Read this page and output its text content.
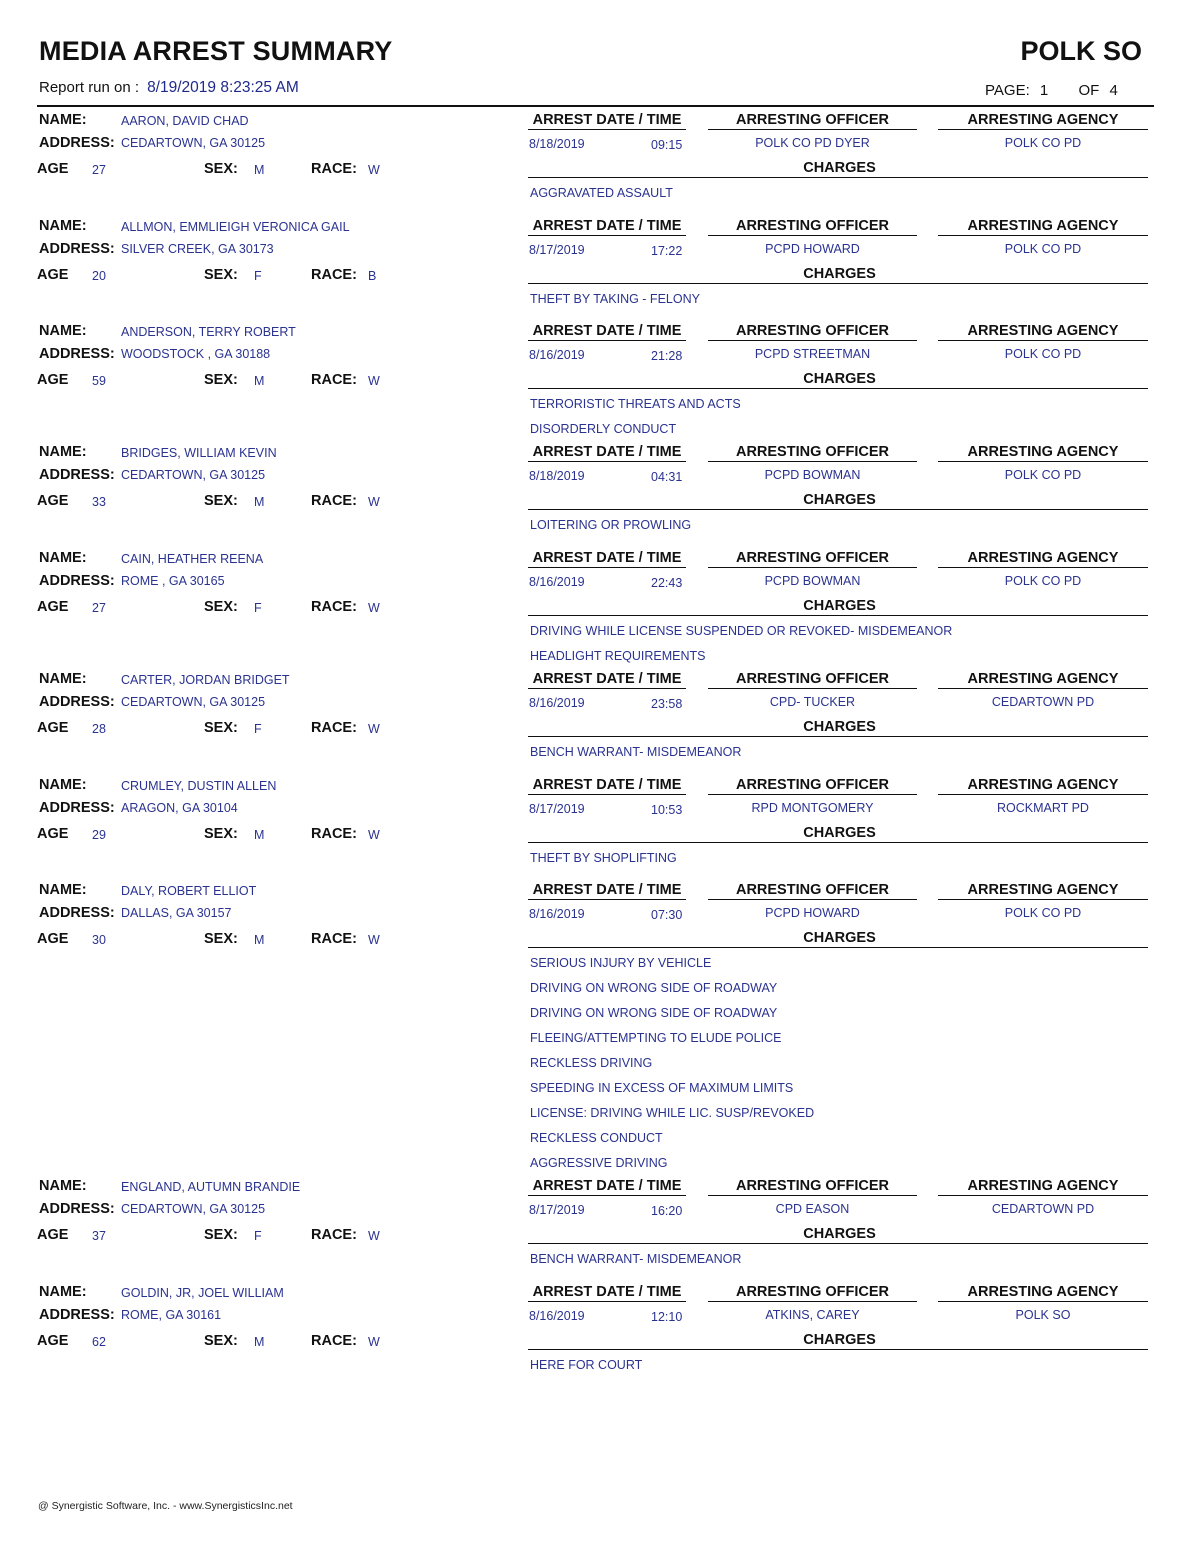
MEDIA ARREST SUMMARY	POLK SO
Report run on : 8/19/2019 8:23:25 AM	PAGE: 1 OF 4
NAME:	AARON, DAVID CHAD
ADDRESS: CEDARTOWN, GA 30125
AGE 27	SEX: M	RACE: W
ARREST DATE / TIME	ARRESTING OFFICER	ARRESTING AGENCY
8/18/2019	09:15	POLK CO PD DYER	POLK CO PD
CHARGES
AGGRAVATED ASSAULT
NAME:	ALLMON, EMMLIEIGH VERONICA GAIL
ADDRESS: SILVER CREEK, GA 30173
AGE 20	SEX: F	RACE: B
ARREST DATE / TIME	ARRESTING OFFICER	ARRESTING AGENCY
8/17/2019	17:22	PCPD HOWARD	POLK CO PD
CHARGES
THEFT BY TAKING - FELONY
NAME:	ANDERSON, TERRY ROBERT
ADDRESS: WOODSTOCK , GA 30188
AGE 59	SEX: M	RACE: W
ARREST DATE / TIME	ARRESTING OFFICER	ARRESTING AGENCY
8/16/2019	21:28	PCPD STREETMAN	POLK CO PD
CHARGES
TERRORISTIC THREATS AND ACTS
DISORDERLY CONDUCT
NAME:	BRIDGES, WILLIAM KEVIN
ADDRESS: CEDARTOWN, GA 30125
AGE 33	SEX: M	RACE: W
ARREST DATE / TIME	ARRESTING OFFICER	ARRESTING AGENCY
8/18/2019	04:31	PCPD BOWMAN	POLK CO PD
CHARGES
LOITERING OR PROWLING
NAME:	CAIN, HEATHER REENA
ADDRESS: ROME , GA 30165
AGE 27	SEX: F	RACE: W
ARREST DATE / TIME	ARRESTING OFFICER	ARRESTING AGENCY
8/16/2019	22:43	PCPD BOWMAN	POLK CO PD
CHARGES
DRIVING WHILE LICENSE SUSPENDED OR REVOKED- MISDEMEANOR
HEADLIGHT REQUIREMENTS
NAME:	CARTER, JORDAN BRIDGET
ADDRESS: CEDARTOWN, GA 30125
AGE 28	SEX: F	RACE: W
ARREST DATE / TIME	ARRESTING OFFICER	ARRESTING AGENCY
8/16/2019	23:58	CPD- TUCKER	CEDARTOWN PD
CHARGES
BENCH WARRANT- MISDEMEANOR
NAME:	CRUMLEY, DUSTIN ALLEN
ADDRESS: ARAGON, GA 30104
AGE 29	SEX: M	RACE: W
ARREST DATE / TIME	ARRESTING OFFICER	ARRESTING AGENCY
8/17/2019	10:53	RPD MONTGOMERY	ROCKMART PD
CHARGES
THEFT BY SHOPLIFTING
NAME:	DALY, ROBERT ELLIOT
ADDRESS: DALLAS, GA 30157
AGE 30	SEX: M	RACE: W
ARREST DATE / TIME	ARRESTING OFFICER	ARRESTING AGENCY
8/16/2019	07:30	PCPD HOWARD	POLK CO PD
CHARGES
SERIOUS INJURY BY VEHICLE
DRIVING ON WRONG SIDE OF ROADWAY
DRIVING ON WRONG SIDE OF ROADWAY
FLEEING/ATTEMPTING TO ELUDE POLICE
RECKLESS DRIVING
SPEEDING IN EXCESS OF MAXIMUM LIMITS
LICENSE: DRIVING WHILE LIC. SUSP/REVOKED
RECKLESS CONDUCT
AGGRESSIVE DRIVING
NAME:	ENGLAND, AUTUMN BRANDIE
ADDRESS: CEDARTOWN, GA 30125
AGE 37	SEX: F	RACE: W
ARREST DATE / TIME	ARRESTING OFFICER	ARRESTING AGENCY
8/17/2019	16:20	CPD EASON	CEDARTOWN PD
CHARGES
BENCH WARRANT- MISDEMEANOR
NAME:	GOLDIN, JR, JOEL WILLIAM
ADDRESS: ROME, GA 30161
AGE 62	SEX: M	RACE: W
ARREST DATE / TIME	ARRESTING OFFICER	ARRESTING AGENCY
8/16/2019	12:10	ATKINS, CAREY	POLK SO
CHARGES
HERE FOR COURT
@ Synergistic Software, Inc. - www.SynergisticsInc.net
